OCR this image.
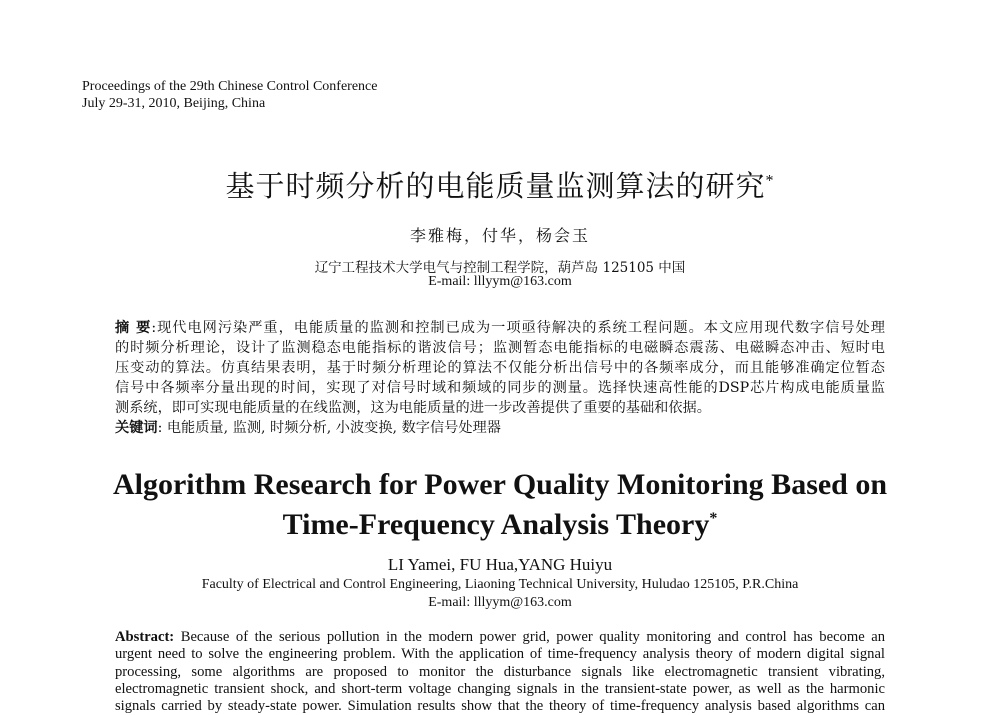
Proceedings of the 29th Chinese Control Conference
July 29-31, 2010, Beijing, China
基于时频分析的电能质量监测算法的研究*
李雅梅，付华，杨会玉
辽宁工程技术大学电气与控制工程学院，葫芦岛 125105 中国
E-mail: lllyym@163.com
摘 要:现代电网污染严重，电能质量的监测和控制已成为一项亟待解决的系统工程问题。本文应用现代数字信号处理
的时频分析理论，设计了监测稳态电能指标的谐波信号；监测暂态电能指标的电磁瞬态震荡、电磁瞬态冲击、短时电
压变动的算法。仿真结果表明，基于时频分析理论的算法不仅能分析出信号中的各频率成分，而且能够准确定位暂态
信号中各频率分量出现的时间，实现了对信号时域和频域的同步的测量。选择快速高性能的DSP芯片构成电能质量监
测系统，即可实现电能质量的在线监测，这为电能质量的进一步改善提供了重要的基础和依据。
关键词: 电能质量, 监测, 时频分析, 小波变换, 数字信号处理器
Algorithm Research for Power Quality Monitoring Based on
Time-Frequency Analysis Theory*
LI Yamei, FU Hua,YANG Huiyu
Faculty of Electrical and Control Engineering, Liaoning Technical University, Huludao 125105, P.R.China
E-mail: lllyym@163.com
Abstract: Because of the serious pollution in the modern power grid, power quality monitoring and control has become an
urgent need to solve the engineering problem. With the application of time-frequency analysis theory of modern digital signal
processing, some algorithms are proposed to monitor the disturbance signals like electromagnetic transient vibrating,
electromagnetic transient shock, and short-term voltage changing signals in the transient-state power, as well as the harmonic
signals carried by steady-state power. Simulation results show that the theory of time-frequency analysis based algorithms can
